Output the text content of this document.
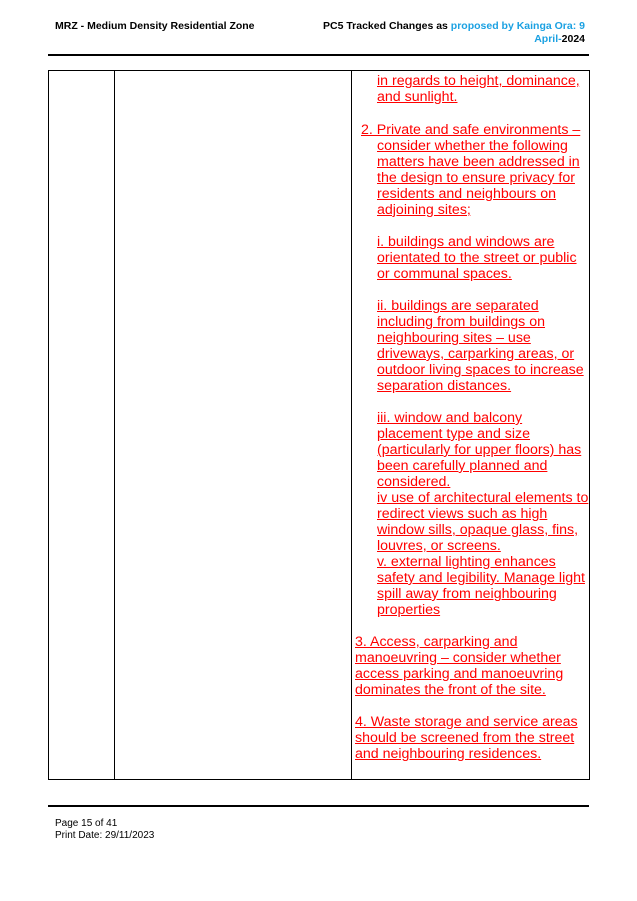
MRZ - Medium Density Residential Zone	PC5 Tracked Changes as proposed by Kainga Ora: 9
April-2024

in regards to height, dominance, and sunlight.

2. Private and safe environments – consider whether the following matters have been addressed in the design to ensure privacy for residents and neighbours on adjoining sites;

i. buildings and windows are orientated to the street or public or communal spaces.

ii. buildings are separated including from buildings on neighbouring sites – use driveways, carparking areas, or outdoor living spaces to increase separation distances.

iii. window and balcony placement type and size (particularly for upper floors) has been carefully planned and considered.

iv use of architectural elements to redirect views such as high window sills, opaque glass, fins, louvres, or screens.

v. external lighting enhances safety and legibility. Manage light spill away from neighbouring properties

3. Access, carparking and manoeuvring – consider whether access parking and manoeuvring dominates the front of the site.

4. Waste storage and service areas should be screened from the street and neighbouring residences.

Page 15 of 41
Print Date: 29/11/2023
